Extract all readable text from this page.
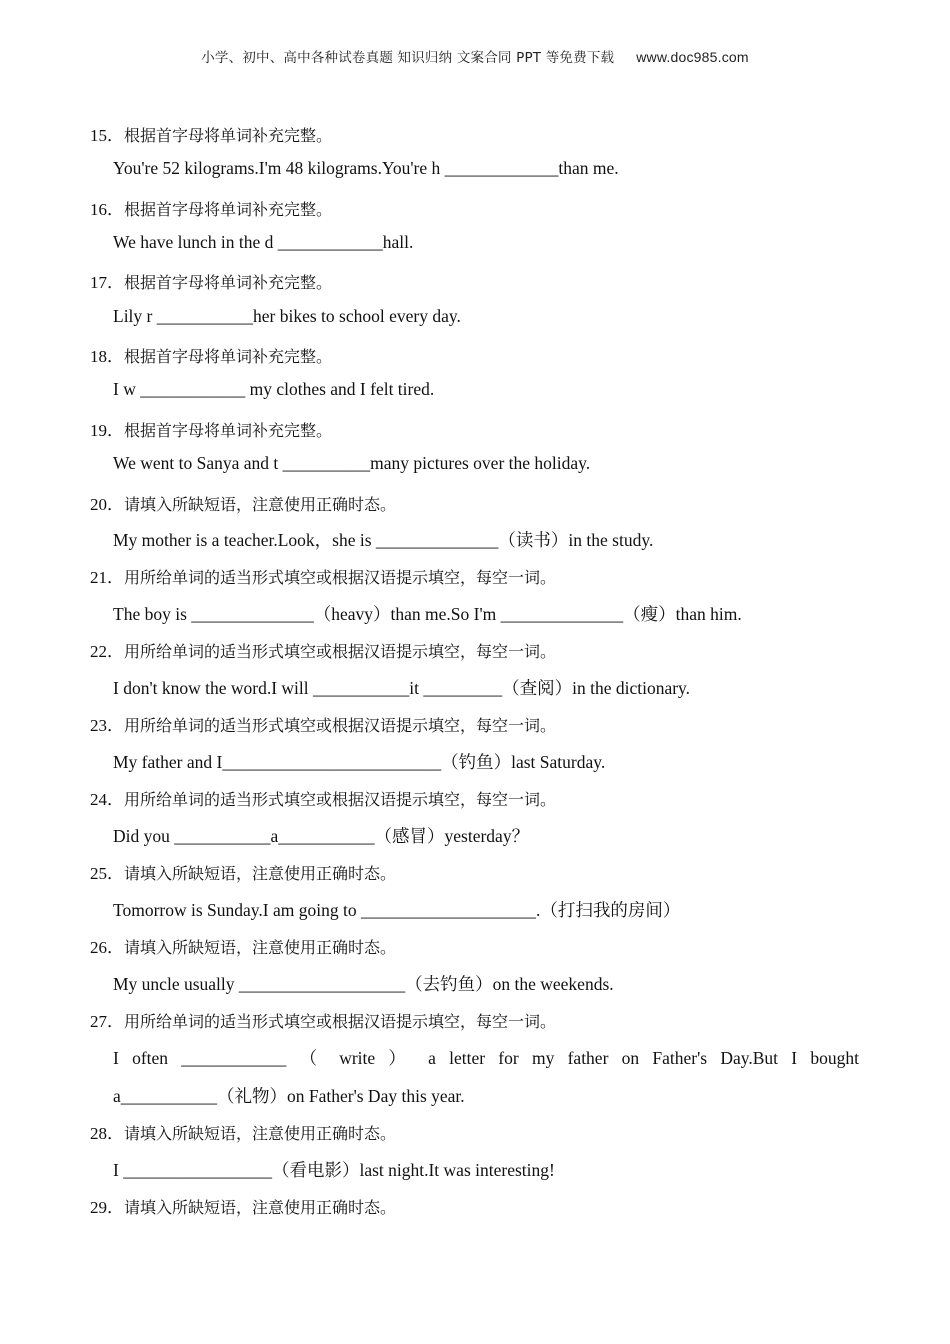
小学、初中、高中各种试卷真题 知识归纳 文案合同 PPT 等免费下载 www.doc985.com
15．根据首字母将单词补充完整。
You're 52 kilograms.I'm 48 kilograms.You're h _____________than me.
16．根据首字母将单词补充完整。
We have lunch in the d ____________hall.
17．根据首字母将单词补充完整。
Lily r ___________her bikes to school every day.
18．根据首字母将单词补充完整。
I w ____________ my clothes and I felt tired.
19．根据首字母将单词补充完整。
We went to Sanya and t __________many pictures over the holiday.
20．请填入所缺短语，注意使用正确时态。
My mother is a teacher.Look，she is ______________（读书）in the study.
21．用所给单词的适当形式填空或根据汉语提示填空，每空一词。
The boy is ______________（heavy）than me.So I'm ______________（瘦）than him.
22．用所给单词的适当形式填空或根据汉语提示填空，每空一词。
I don't know the word.I will ___________it _________（查阅）in the dictionary.
23．用所给单词的适当形式填空或根据汉语提示填空，每空一词。
My father and I_________________________（钓鱼）last Saturday.
24．用所给单词的适当形式填空或根据汉语提示填空，每空一词。
Did you ___________a___________（感冒）yesterday？
25．请填入所缺短语，注意使用正确时态。
Tomorrow is Sunday.I am going to ____________________.（打扫我的房间）
26．请填入所缺短语，注意使用正确时态。
My uncle usually ___________________（去钓鱼）on the weekends.
27．用所给单词的适当形式填空或根据汉语提示填空，每空一词。
I often ____________ （ write ） a letter for my father on Father's Day.But I bought
a___________（礼物）on Father's Day this year.
28．请填入所缺短语，注意使用正确时态。
I _________________（看电影）last night.It was interesting!
29．请填入所缺短语，注意使用正确时态。
